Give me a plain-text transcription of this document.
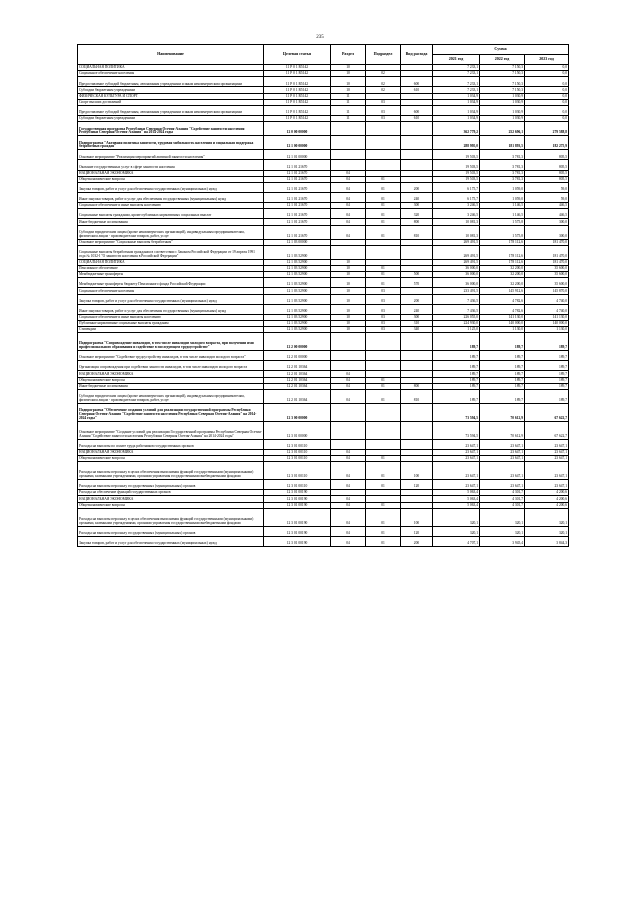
235
Наименование	Целевая статья	Раздел	Подраздел	Вид расхода	Сумма		
					2021 год	2022 год	2023 год
СОЦИАЛЬНАЯ ПОЛИТИКА	11 Р 0 1 R5142	10			7 233,1	7 150,3	0,0
Социальное обеспечение населения	11 Р 0 1 R5142	10	02		7 233,1	7 150,3	0,0
Предоставление субсидий бюджетным, автономным учреждениям и иным некоммерческим организациям	11 Р 0 1 R5142	10	02	600	7 233,1	7 150,3	0,0
Субсидии бюджетным учреждениям	11 Р 0 1 R5142	10	02	610	7 233,1	7 150,3	0,0
ФИЗИЧЕСКАЯ КУЛЬТУРА И СПОРТ	11 Р 0 1 R5142	11			1 034,9	1 030,9	0,0
Спорт высших достижений	11 Р 0 1 R5142	11	03		1 034,9	1 030,9	0,0
Предоставление субсидий бюджетным, автономным учреждениям и иным некоммерческим организациям	11 Р 0 1 R5142	11	03	600	1 034,9	1 030,9	0,0
Субсидии бюджетным учреждениям	11 Р 0 1 R5142	11	03	610	1 034,9	1 030,9	0,0
Государственная программа Республики Северная Осетия-Алания "Содействие занятости населения Республики Северная Осетия-Алания" на 2014-2024 годы	12 0 00 00000				362 779,2	252 696,1	279 588,8
Подпрограмма "Активная политика занятости, трудовая мобильность населения и социальная поддержка безработных граждан"	12 1 00 00000				288 995,0	181 893,5	182 275,9
Основное мероприятие "Реализация мероприятий активной занятости населения"	12 1 01 00000				19 503,5	3 781,3	805,5
Оказание государственных услуг в сфере занятости населения	12 1 01 21670				19 503,5	3 781,3	805,5
НАЦИОНАЛЬНАЯ ЭКОНОМИКА	12 1 01 21670	04			19 503,5	3 781,3	805,5
Общеэкономические вопросы	12 1 01 21670	04	01		19 503,5	3 781,3	805,5
Закупка товаров, работ и услуг для обеспечения государственных (муниципальных) нужд	12 1 01 21670	04	01	200	6 175,7	1 059,0	59,0
Иные закупки товаров, работ и услуг для обеспечения государственных (муниципальных) нужд	12 1 01 21670	04	01	240	6 175,7	1 059,0	59,0
Социальное обеспечение и иные выплаты населению	12 1 01 21670	04	01	300	3 246,5	1 146,5	446,5
Социальные выплаты гражданам, кроме публичных нормативных социальных выплат	12 1 01 21670	04	01	320	3 246,5	1 146,5	446,5
Иные бюджетные ассигнования	12 1 01 21670	04	01	800	10 081,3	1 575,8	300,0
Субсидии юридическим лицам (кроме некоммерческих организаций), индивидуальным предпринимателям, физическим лицам - производителям товаров, работ, услуг	12 1 01 21670	04	01	810	10 081,3	1 575,8	300,0
Основное мероприятие "Социальные выплаты безработным"	12 1 03 00000				269 491,5	178 112,6	181 470,0
Социальные выплаты безработным гражданам в соответствии с Законом Российской Федерации от 19 апреля 1991 года № 1032-I "О занятости населения в Российской Федерации"	12 1 03 52900				269 491,5	178 112,6	181 470,0
СОЦИАЛЬНАЯ ПОЛИТИКА	12 1 03 52900	10			269 491,5	178 112,6	181 470,0
Пенсионное обеспечение	12 1 03 52900	10	01		36 000,0	32 200,0	35 600,0
Межбюджетные трансферты	12 1 03 52900	10	01	500	36 000,0	32 200,0	35 600,0
Межбюджетные трансферты бюджету Пенсионного фонда Российской Федерации	12 1 03 52900	10	01	570	36 000,0	32 200,0	35 600,0
Социальное обеспечение населения	12 1 03 52900	10	03		233 491,5	145 912,6	145 870,0
Закупка товаров, работ и услуг для обеспечения государственных (муниципальных) нужд	12 1 03 52900	10	03	200	7 436,5	4 782,6	4 740,0
Иные закупки товаров, работ и услуг для обеспечения государственных (муниципальных) нужд	12 1 03 52900	10	03	240	7 436,5	4 782,6	4 740,0
Социальное обеспечение и иные выплаты населению	12 1 03 52900	10	03	300	226 055,0	141 130,0	141 130,0
Публичные нормативные социальные выплаты гражданам	12 1 03 52900	10	03	310	224 930,0	140 000,0	140 000,0
Стипендии	12 1 03 52900	10	03	340	1 125,0	1 130,0	1 130,0
Подпрограмма "Сопровождение инвалидов, в том числе инвалидов молодого возраста, при получении ими профессионального образования и содействие в последующем трудоустройстве"	12 2 00 00000				189,7	189,7	189,7
Основное мероприятие "Содействие трудоустройству инвалидов, в том числе инвалидов молодого возраста"	12 2 01 00000				189,7	189,7	189,7
Организация сопровождения при содействии занятости инвалидов, в том числе инвалидов молодого возраста	12 2 01 10364				189,7	189,7	189,7
НАЦИОНАЛЬНАЯ ЭКОНОМИКА	12 2 01 10364	04			189,7	189,7	189,7
Общеэкономические вопросы	12 2 01 10364	04	01		189,7	189,7	189,7
Иные бюджетные ассигнования	12 2 01 10364	04	01	800	189,7	189,7	189,7
Субсидии юридическим лицам (кроме некоммерческих организаций), индивидуальным предпринимателям, физическим лицам - производителям товаров, работ, услуг	12 2 01 10364	04	01	810	189,7	189,7	189,7
Подпрограмма "Обеспечение создания условий для реализации государственной программы Республики Северная Осетия-Алания "Содействие занятости населения Республики Северная Осетия-Алания" на 2014-2024 годы"	12 3 00 00000				73 594,5	70 612,9	67 622,7
Основное мероприятие "Создание условий для реализации Государственной программы Республики Северная Осетия-Алания "Содействие занятости населения Республики Северная Осетия-Алания" на 2014-2024 годы"	12 3 01 00000				73 594,5	70 612,9	67 622,7
Расходы на выплаты по оплате труда работников государственных органов	12 3 01 00110				23 647,1	23 647,1	23 647,1
НАЦИОНАЛЬНАЯ ЭКОНОМИКА	12 3 01 00110	04			23 647,1	23 647,1	23 647,1
Общеэкономические вопросы	12 3 01 00110	04	01		23 647,1	23 647,1	23 647,1
Расходы на выплаты персоналу в целях обеспечения выполнения функций государственными (муниципальными) органами, казенными учреждениями, органами управления государственными внебюджетными фондами	12 3 01 00110	04	01	100	23 647,1	23 647,1	23 647,1
Расходы на выплаты персоналу государственных (муниципальных) органов	12 3 01 00110	04	01	120	23 647,1	23 647,1	23 647,1
Расходы на обеспечение функций государственных органов	12 3 01 00190				5 063,4	4 301,7	4 200,6
НАЦИОНАЛЬНАЯ ЭКОНОМИКА	12 3 01 00190	04			5 063,4	4 301,7	4 200,6
Общеэкономические вопросы	12 3 01 00190	04	01		5 063,4	4 301,7	4 200,6
Расходы на выплаты персоналу в целях обеспечения выполнения функций государственными (муниципальными) органами, казенными учреждениями, органами управления государственными внебюджетными фондами	12 3 01 00190	04	01	100	320,1	320,1	320,1
Расходы на выплаты персоналу государственных (муниципальных) органов	12 3 01 00190	04	01	120	320,1	320,1	320,1
Закупка товаров, работ и услуг для обеспечения государственных (муниципальных) нужд	12 3 01 00190	04	01	200	4 707,1	3 945,4	3 844,3
